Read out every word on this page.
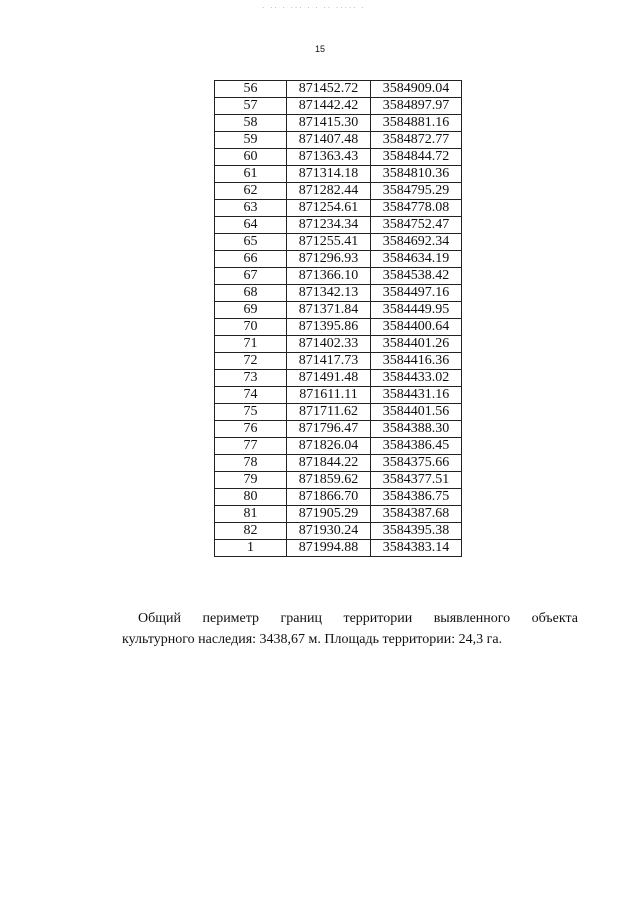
· ·· · ··· · · ·· ····· ·
15
56	871452.72	3584909.04
57	871442.42	3584897.97
58	871415.30	3584881.16
59	871407.48	3584872.77
60	871363.43	3584844.72
61	871314.18	3584810.36
62	871282.44	3584795.29
63	871254.61	3584778.08
64	871234.34	3584752.47
65	871255.41	3584692.34
66	871296.93	3584634.19
67	871366.10	3584538.42
68	871342.13	3584497.16
69	871371.84	3584449.95
70	871395.86	3584400.64
71	871402.33	3584401.26
72	871417.73	3584416.36
73	871491.48	3584433.02
74	871611.11	3584431.16
75	871711.62	3584401.56
76	871796.47	3584388.30
77	871826.04	3584386.45
78	871844.22	3584375.66
79	871859.62	3584377.51
80	871866.70	3584386.75
81	871905.29	3584387.68
82	871930.24	3584395.38
1	871994.88	3584383.14
Общий периметр границ территории выявленного объекта
культурного наследия: 3438,67 м. Площадь территории: 24,3 га.
